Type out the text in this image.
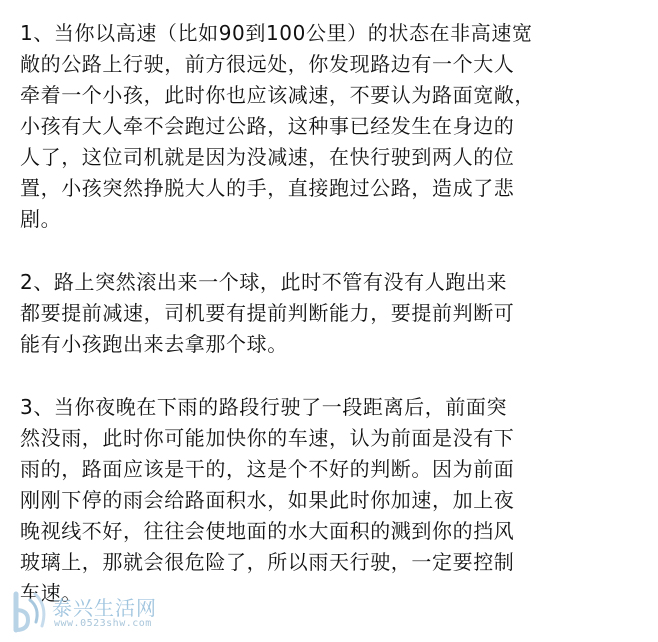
1、当你以高速（比如90到100公里）的状态在非高速宽
敞的公路上行驶，前方很远处，你发现路边有一个大人
牵着一个小孩，此时你也应该减速，不要认为路面宽敞，
小孩有大人牵不会跑过公路，这种事已经发生在身边的
人了，这位司机就是因为没减速，在快行驶到两人的位
置，小孩突然挣脱大人的手，直接跑过公路，造成了悲
剧。

2、路上突然滚出来一个球，此时不管有没有人跑出来
都要提前减速，司机要有提前判断能力，要提前判断可
能有小孩跑出来去拿那个球。

3、当你夜晚在下雨的路段行驶了一段距离后，前面突
然没雨，此时你可能加快你的车速，认为前面是没有下
雨的，路面应该是干的，这是个不好的判断。因为前面
刚刚下停的雨会给路面积水，如果此时你加速，加上夜
晚视线不好，往往会使地面的水大面积的溅到你的挡风
玻璃上，那就会很危险了，所以雨天行驶，一定要控制
车速。

泰兴生活网
www.0523shw.com
